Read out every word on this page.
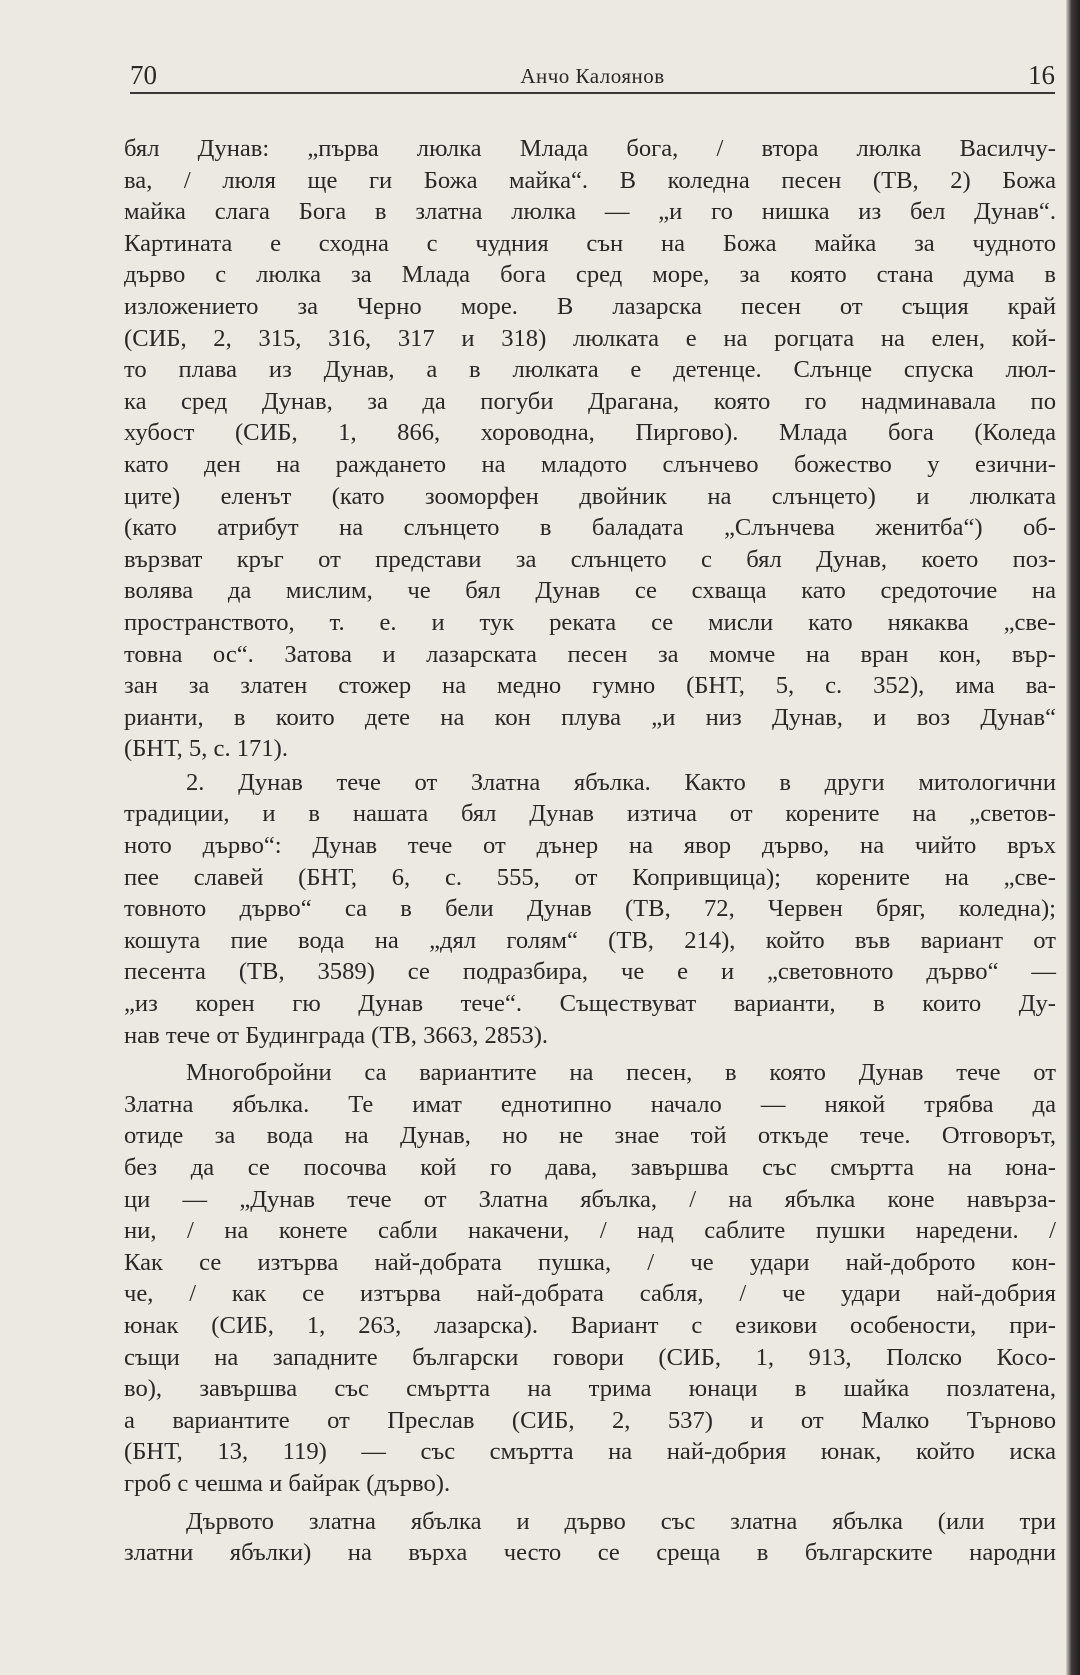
70	Анчо Калоянов	16
бял Дунав: „първа люлка Млада бога, / втора люлка Василчу-
ва, / люля ще ги Божа майка“. В коледна песен (ТВ, 2) Божа
майка слага Бога в златна люлка — „и го нишка из бел Дунав“.
Картината е сходна с чудния сън на Божа майка за чудното
дърво с люлка за Млада бога сред море, за която стана дума в
изложението за Черно море. В лазарска песен от същия край
(СИБ, 2, 315, 316, 317 и 318) люлката е на рогцата на елен, кой-
то плава из Дунав, а в люлката е детенце. Слънце спуска люл-
ка сред Дунав, за да погуби Драгана, която го надминавала по
хубост (СИБ, 1, 866, хороводна, Пиргово). Млада бога (Коледа
като ден на раждането на младото слънчево божество у езични-
ците) еленът (като зооморфен двойник на слънцето) и люлката
(като атрибут на слънцето в баладата „Слънчева женитба“) об-
вързват кръг от представи за слънцето с бял Дунав, което поз-
волява да мислим, че бял Дунав се схваща като средоточие на
пространството, т. е. и тук реката се мисли като някаква „све-
товна ос“. Затова и лазарската песен за момче на вран кон, вър-
зан за златен стожер на медно гумно (БНТ, 5, с. 352), има ва-
рианти, в които дете на кон плува „и низ Дунав, и воз Дунав“
(БНТ, 5, с. 171).
2. Дунав тече от Златна ябълка. Както в други митологични
традиции, и в нашата бял Дунав изтича от корените на „светов-
ното дърво“: Дунав тече от дънер на явор дърво, на чийто връх
пее славей (БНТ, 6, с. 555, от Копривщица); корените на „све-
товното дърво“ са в бели Дунав (ТВ, 72, Червен бряг, коледна);
кошута пие вода на „дял голям“ (ТВ, 214), който във вариант от
песента (ТВ, 3589) се подразбира, че е и „световното дърво“ —
„из корен гю Дунав тече“. Съществуват варианти, в които Ду-
нав тече от Будинграда (ТВ, 3663, 2853).
Многобройни са вариантите на песен, в която Дунав тече от
Златна ябълка. Те имат еднотипно начало — някой трябва да
отиде за вода на Дунав, но не знае той откъде тече. Отговорът,
без да се посочва кой го дава, завършва със смъртта на юна-
ци — „Дунав тече от Златна ябълка, / на ябълка коне навърза-
ни, / на конете сабли накачени, / над саблите пушки наредени. /
Как се изтърва най-добрата пушка, / че удари най-доброто кон-
че, / как се изтърва най-добрата сабля, / че удари най-добрия
юнак (СИБ, 1, 263, лазарска). Вариант с езикови особености, при-
същи на западните български говори (СИБ, 1, 913, Полско Косо-
во), завършва със смъртта на трима юнаци в шайка позлатена,
а вариантите от Преслав (СИБ, 2, 537) и от Малко Търново
(БНТ, 13, 119) — със смъртта на най-добрия юнак, който иска
гроб с чешма и байрак (дърво).
Дървото златна ябълка и дърво със златна ябълка (или три
златни ябълки) на върха често се среща в българските народни
